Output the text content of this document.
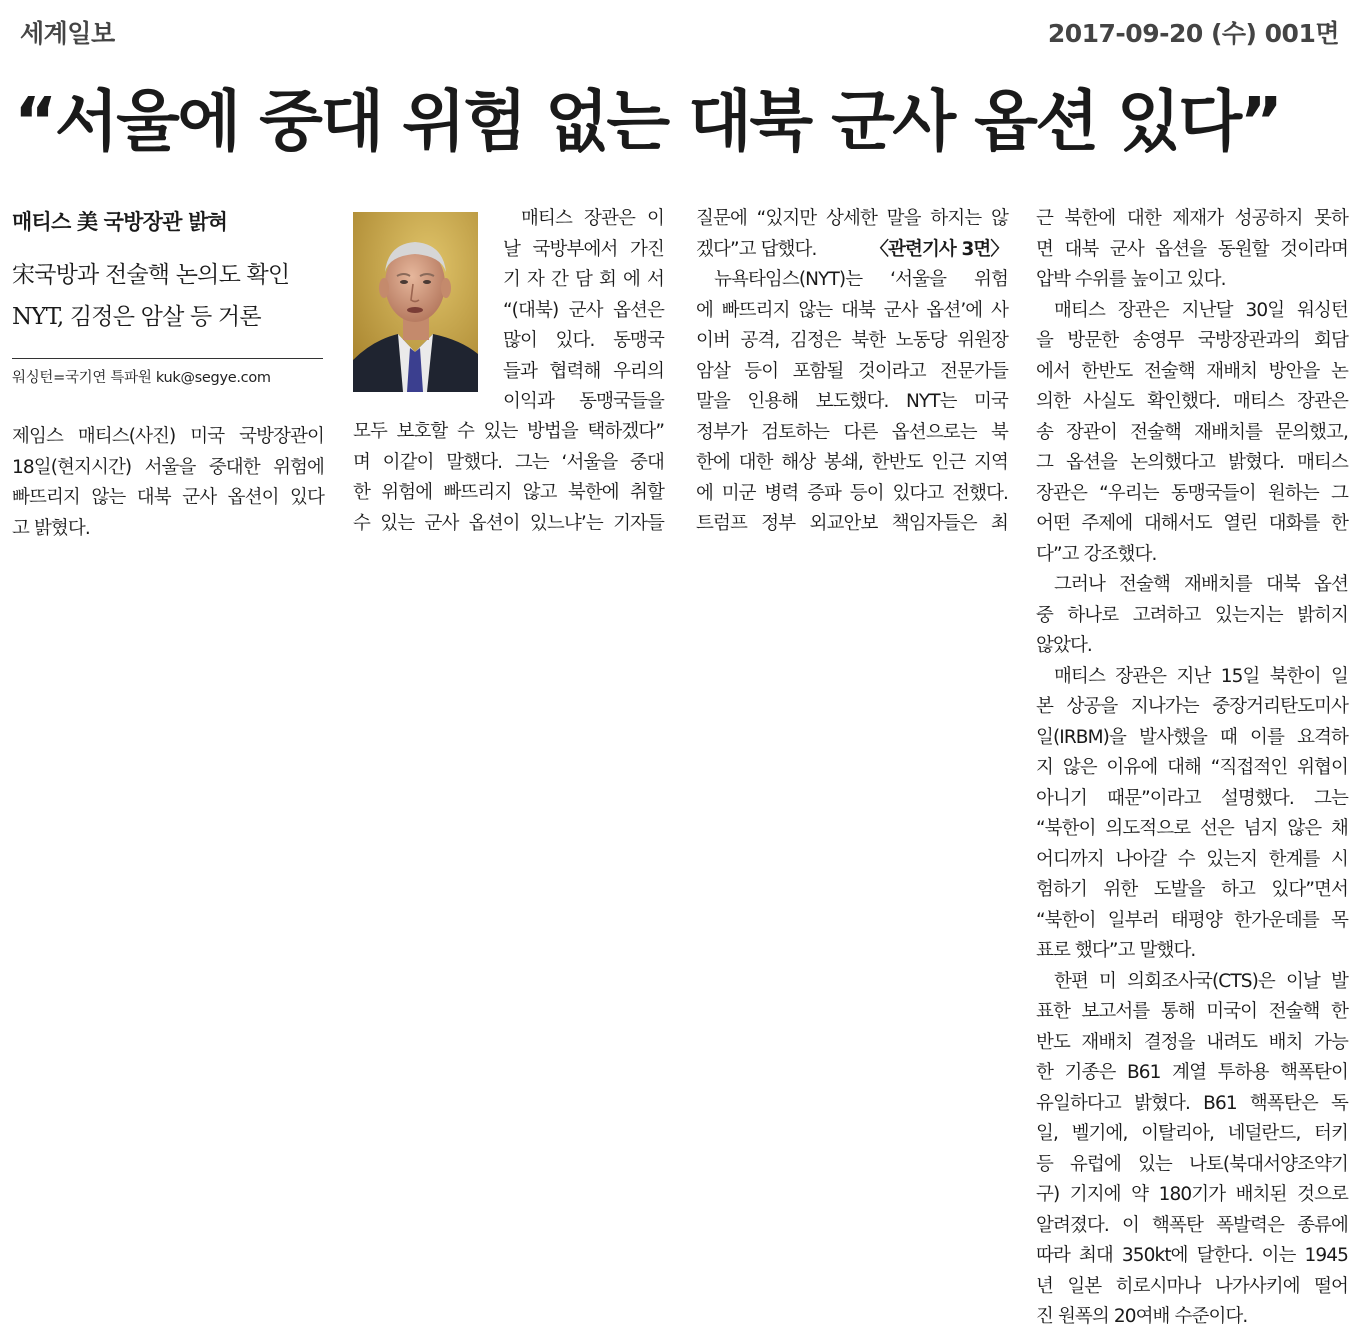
세계일보	2017-09-20 (수) 001면
“서울에 중대 위험 없는 대북 군사 옵션 있다”
매티스 美 국방장관 밝혀
宋국방과 전술핵 논의도 확인
NYT, 김정은 암살 등 거론
워싱턴=국기연 특파원 kuk@segye.com

제임스 매티스(사진) 미국 국방장관이

18일(현지시간) 서울을 중대한 위험에

빠뜨리지 않는 대북 군사 옵션이 있다

고 밝혔다.

매티스 장관은 이

날 국방부에서 가진

기 자 간 담 회 에 서

“(대북) 군사 옵션은

많이 있다. 동맹국

들과 협력해 우리의

이익과 동맹국들을

모두 보호할 수 있는 방법을 택하겠다”

며 이같이 말했다. 그는 ‘서울을 중대

한 위험에 빠뜨리지 않고 북한에 취할

수 있는 군사 옵션이 있느냐’는 기자들

질문에 “있지만 상세한 말을 하지는 않

겠다”고 답했다.	〈관련기사 3면〉

뉴욕타임스(NYT)는 ‘서울을 위험

에 빠뜨리지 않는 대북 군사 옵션’에 사

이버 공격, 김정은 북한 노동당 위원장

암살 등이 포함될 것이라고 전문가들

말을 인용해 보도했다. NYT는 미국

정부가 검토하는 다른 옵션으로는 북

한에 대한 해상 봉쇄, 한반도 인근 지역

에 미군 병력 증파 등이 있다고 전했다.

트럼프 정부 외교안보 책임자들은 최

근 북한에 대한 제재가 성공하지 못하

면 대북 군사 옵션을 동원할 것이라며

압박 수위를 높이고 있다.

매티스 장관은 지난달 30일 워싱턴

을 방문한 송영무 국방장관과의 회담

에서 한반도 전술핵 재배치 방안을 논

의한 사실도 확인했다. 매티스 장관은

송 장관이 전술핵 재배치를 문의했고,

그 옵션을 논의했다고 밝혔다. 매티스

장관은 “우리는 동맹국들이 원하는 그

어떤 주제에 대해서도 열린 대화를 한

다”고 강조했다.

그러나 전술핵 재배치를 대북 옵션

중 하나로 고려하고 있는지는 밝히지

않았다.

매티스 장관은 지난 15일 북한이 일

본 상공을 지나가는 중장거리탄도미사

일(IRBM)을 발사했을 때 이를 요격하

지 않은 이유에 대해 “직접적인 위협이

아니기 때문”이라고 설명했다. 그는

“북한이 의도적으로 선은 넘지 않은 채

어디까지 나아갈 수 있는지 한계를 시

험하기 위한 도발을 하고 있다”면서

“북한이 일부러 태평양 한가운데를 목

표로 했다”고 말했다.

한편 미 의회조사국(CTS)은 이날 발

표한 보고서를 통해 미국이 전술핵 한

반도 재배치 결정을 내려도 배치 가능

한 기종은 B61 계열 투하용 핵폭탄이

유일하다고 밝혔다. B61 핵폭탄은 독

일, 벨기에, 이탈리아, 네덜란드, 터키

등 유럽에 있는 나토(북대서양조약기

구) 기지에 약 180기가 배치된 것으로

알려졌다. 이 핵폭탄 폭발력은 종류에

따라 최대 350kt에 달한다. 이는 1945

년 일본 히로시마나 나가사키에 떨어

진 원폭의 20여배 수준이다.
